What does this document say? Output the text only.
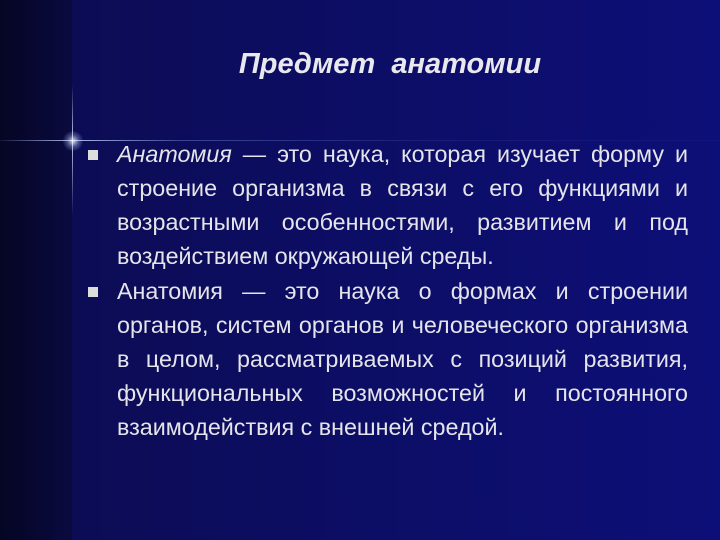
Предмет  анатомии
Анатомия — это наука, которая изучает форму и строение организма в связи с его функциями и возрастными особенностями, развитием и под воздействием окружающей среды.
Анатомия — это наука о формах и строении органов, систем органов и человеческого организма в целом, рассматриваемых с позиций развития, функциональных возможностей и постоянного взаимодействия с внешней средой.
